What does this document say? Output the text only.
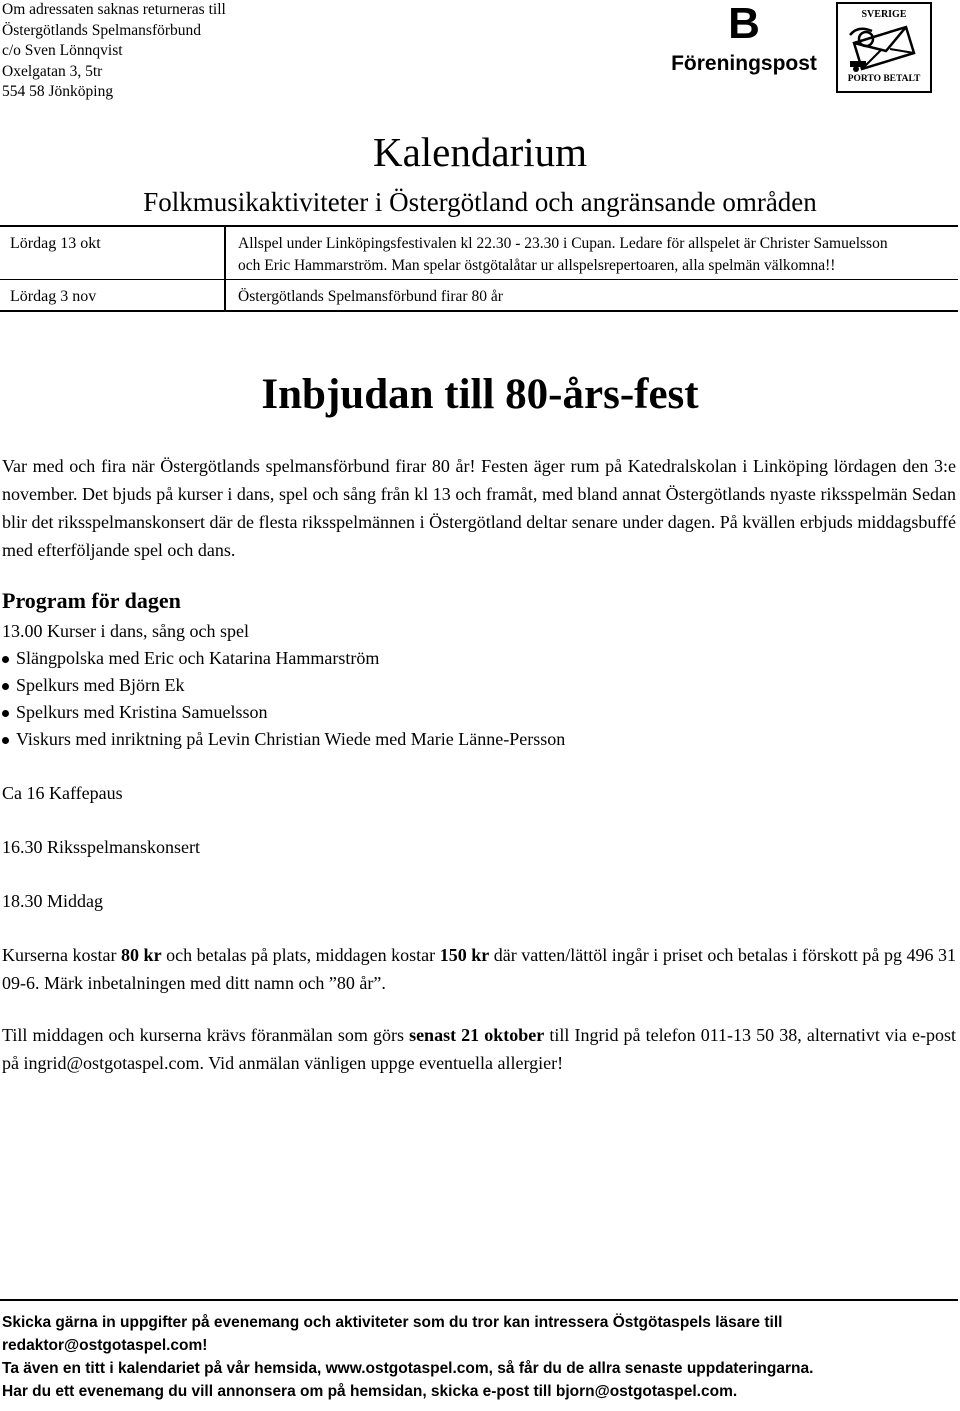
Om adressaten saknas returneras till
Östergötlands Spelmansförbund
c/o Sven Lönnqvist
Oxelgatan 3, 5tr
554 58 Jönköping
B
Föreningspost
SVERIGE
PORTO BETALT
Kalendarium
Folkmusikaktiviteter i Östergötland och angränsande områden
Lördag 13 okt	Allspel under Linköpingsfestivalen kl 22.30 - 23.30 i Cupan. Ledare för allspelet är Christer Samuelsson
och Eric Hammarström. Man spelar östgötalåtar ur allspelsrepertoaren, alla spelmän välkomna!!
Lördag 3 nov	Östergötlands Spelmansförbund firar 80 år
Inbjudan till 80-års-fest
Var med och fira när Östergötlands spelmansförbund firar 80 år! Festen äger rum på Katedralskolan i Linköping lördagen den 3:e november. Det bjuds på kurser i dans, spel och sång från kl 13 och framåt, med bland annat Östergötlands nyaste riksspelmän Sedan blir det riksspelmanskonsert där de flesta riksspelmännen i Östergötland deltar senare under dagen. På kvällen erbjuds middagsbuffé med efterföljande spel och dans.
Program för dagen
13.00 Kurser i dans, sång och spel
Slängpolska med Eric och Katarina Hammarström
Spelkurs med Björn Ek
Spelkurs med Kristina Samuelsson
Viskurs med inriktning på Levin Christian Wiede med Marie Länne-Persson
Ca 16 Kaffepaus
16.30 Riksspelmanskonsert
18.30 Middag
Kurserna kostar 80 kr och betalas på plats, middagen kostar 150 kr där vatten/lättöl ingår i priset och betalas i förskott på pg 496 31 09-6. Märk inbetalningen med ditt namn och ”80 år”.
Till middagen och kurserna krävs föranmälan som görs senast 21 oktober till Ingrid på telefon 011-13 50 38, alternativt via e-post på ingrid@ostgotaspel.com. Vid anmälan vänligen uppge eventuella allergier!
Skicka gärna in uppgifter på evenemang och aktiviteter som du tror kan intressera Östgötaspels läsare till
redaktor@ostgotaspel.com!
Ta även en titt i kalendariet på vår hemsida, www.ostgotaspel.com, så får du de allra senaste uppdateringarna.
Har du ett evenemang du vill annonsera om på hemsidan, skicka e-post till bjorn@ostgotaspel.com.
